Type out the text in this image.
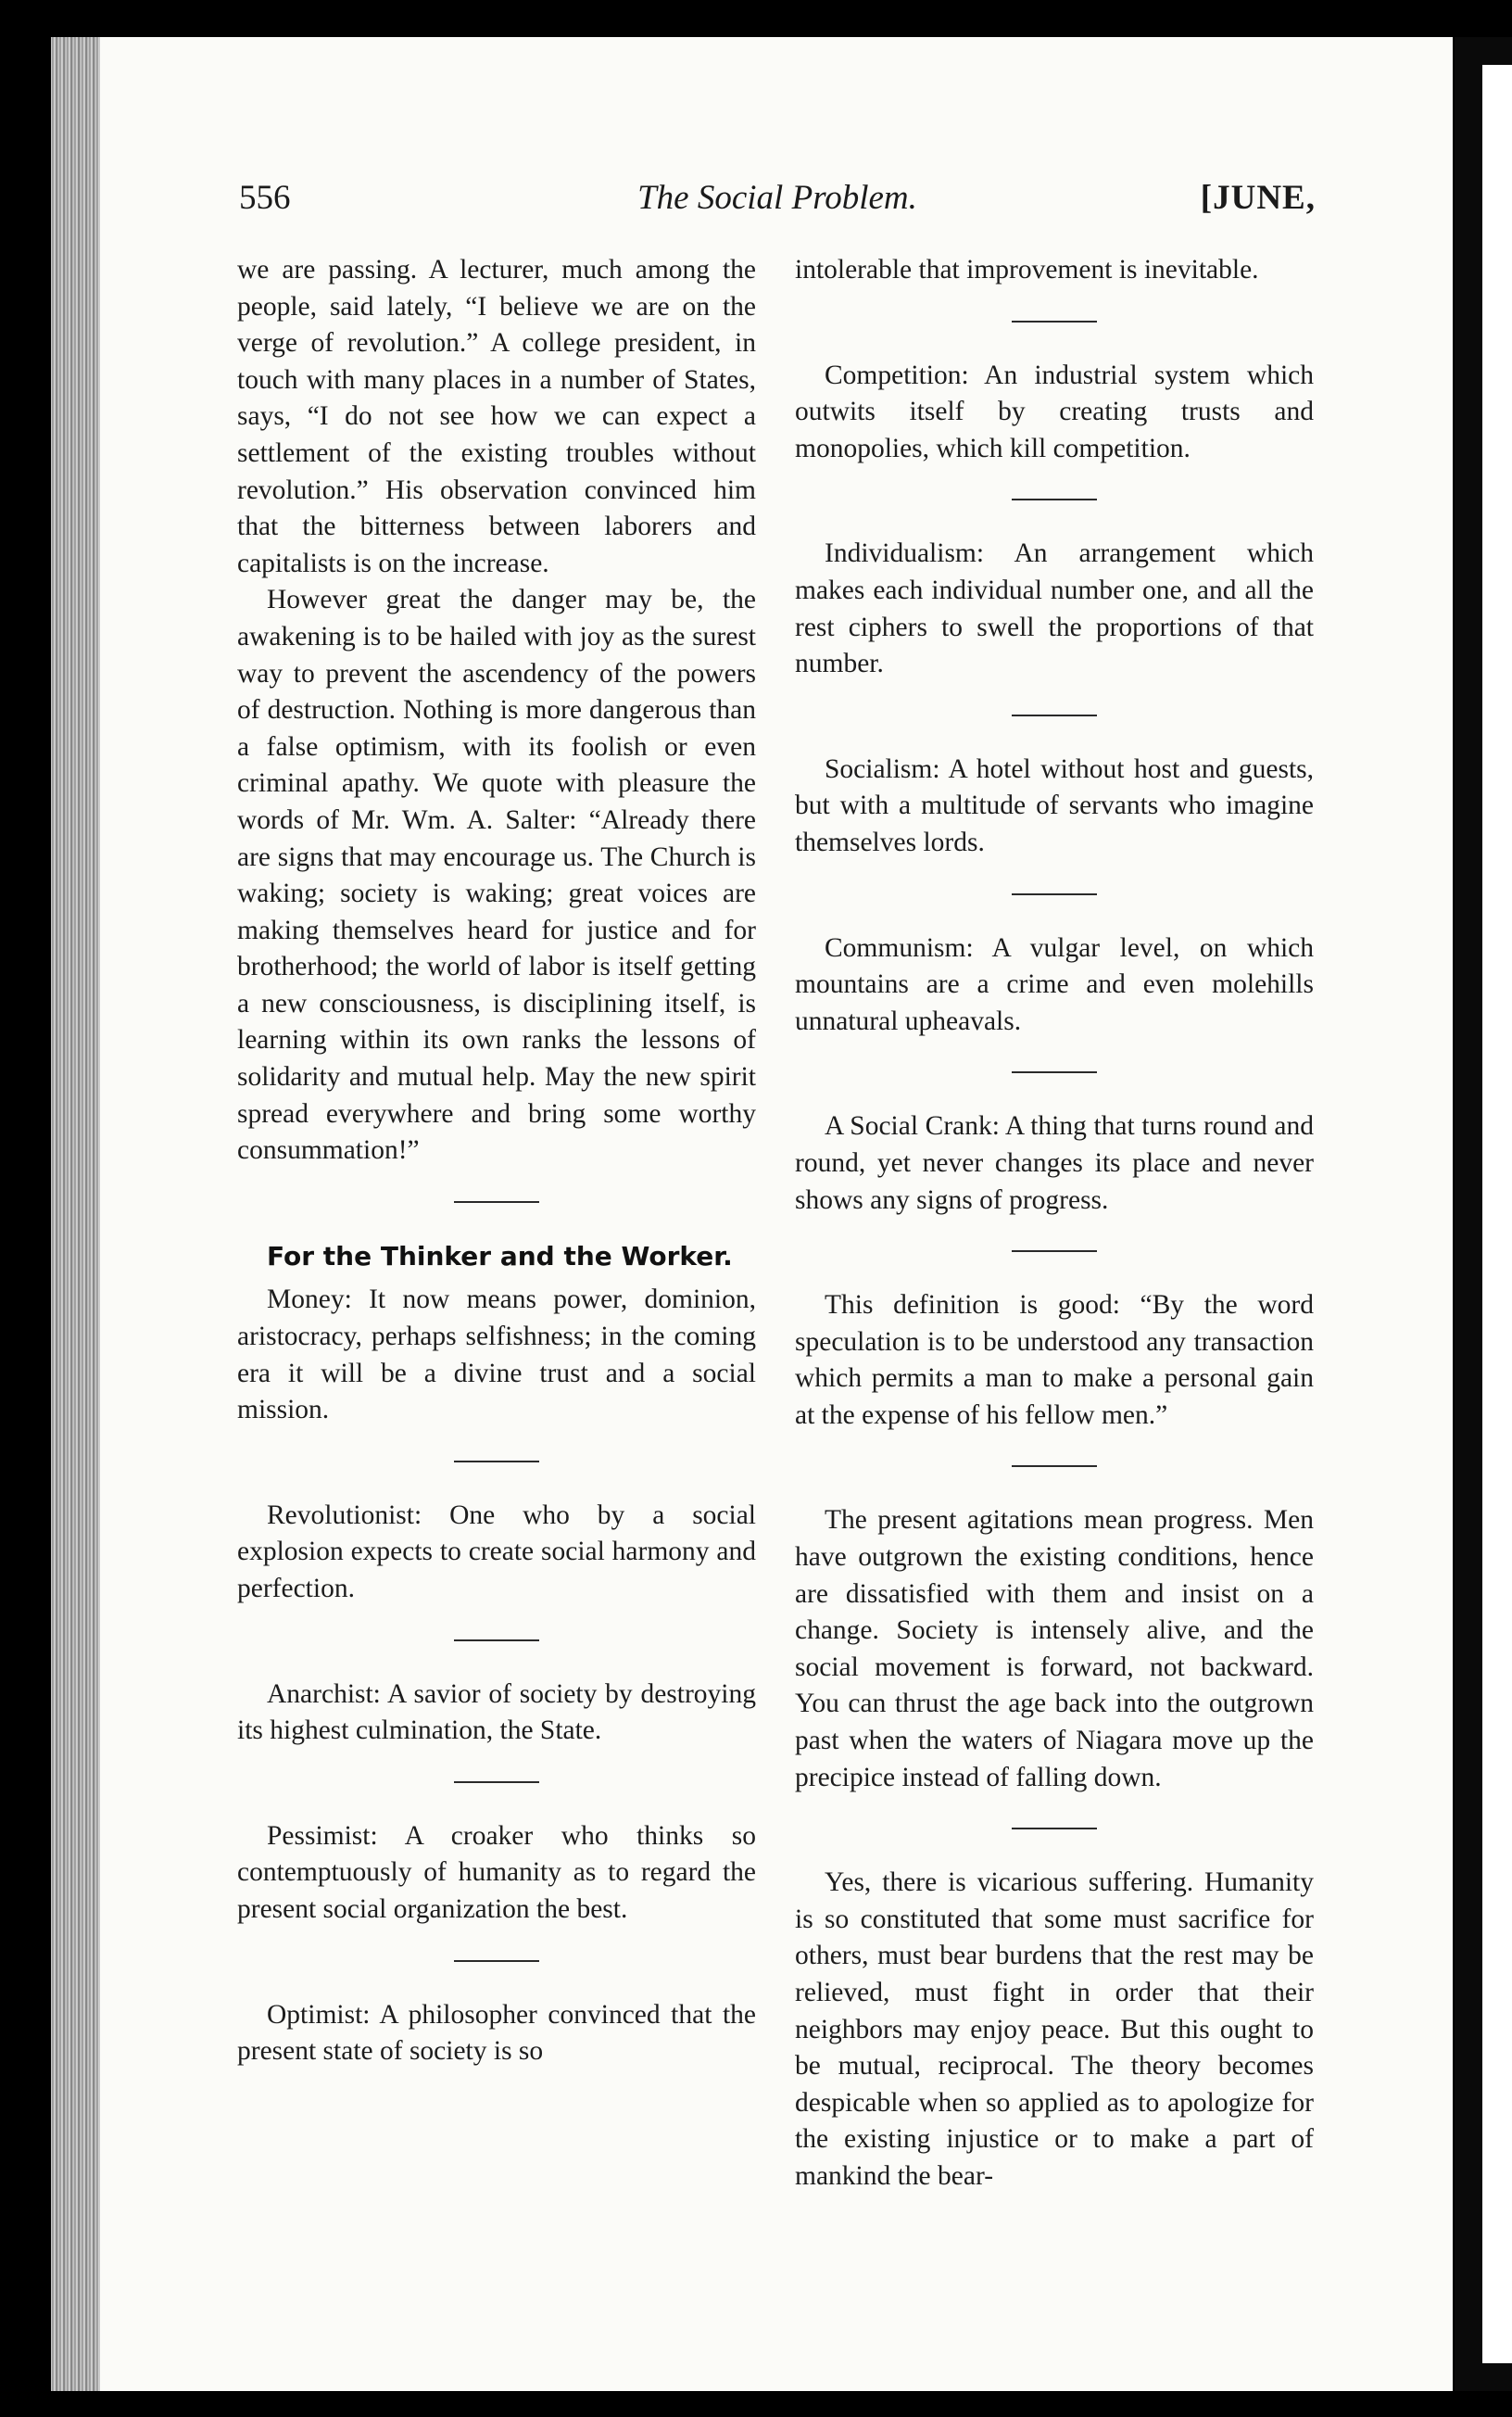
556	The Social Problem.	[JUNE,

we are passing. A lecturer, much among the people, said lately, “I believe we are on the verge of revolution.” A college president, in touch with many places in a number of States, says, “I do not see how we can expect a settlement of the existing troubles without revolution.” His observation convinced him that the bitterness between laborers and capitalists is on the increase.

However great the danger may be, the awakening is to be hailed with joy as the surest way to prevent the ascendency of the powers of destruction. Nothing is more dangerous than a false optimism, with its foolish or even criminal apathy. We quote with pleasure the words of Mr. Wm. A. Salter: “Already there are signs that may encourage us. The Church is waking; society is waking; great voices are making themselves heard for justice and for brotherhood; the world of labor is itself getting a new consciousness, is disciplining itself, is learning within its own ranks the lessons of solidarity and mutual help. May the new spirit spread everywhere and bring some worthy consummation!”

For the Thinker and the Worker.

Money: It now means power, dominion, aristocracy, perhaps selfishness; in the coming era it will be a divine trust and a social mission.

Revolutionist: One who by a social explosion expects to create social harmony and perfection.

Anarchist: A savior of society by destroying its highest culmination, the State.

Pessimist: A croaker who thinks so contemptuously of humanity as to regard the present social organization the best.

Optimist: A philosopher convinced that the present state of society is so

intolerable that improvement is inevitable.

Competition: An industrial system which outwits itself by creating trusts and monopolies, which kill competition.

Individualism: An arrangement which makes each individual number one, and all the rest ciphers to swell the proportions of that number.

Socialism: A hotel without host and guests, but with a multitude of servants who imagine themselves lords.

Communism: A vulgar level, on which mountains are a crime and even molehills unnatural upheavals.

A Social Crank: A thing that turns round and round, yet never changes its place and never shows any signs of progress.

This definition is good: “By the word speculation is to be understood any transaction which permits a man to make a personal gain at the expense of his fellow men.”

The present agitations mean progress. Men have outgrown the existing conditions, hence are dissatisfied with them and insist on a change. Society is intensely alive, and the social movement is forward, not backward. You can thrust the age back into the outgrown past when the waters of Niagara move up the precipice instead of falling down.

Yes, there is vicarious suffering. Humanity is so constituted that some must sacrifice for others, must bear burdens that the rest may be relieved, must fight in order that their neighbors may enjoy peace. But this ought to be mutual, reciprocal. The theory becomes despicable when so applied as to apologize for the existing injustice or to make a part of mankind the bear-
